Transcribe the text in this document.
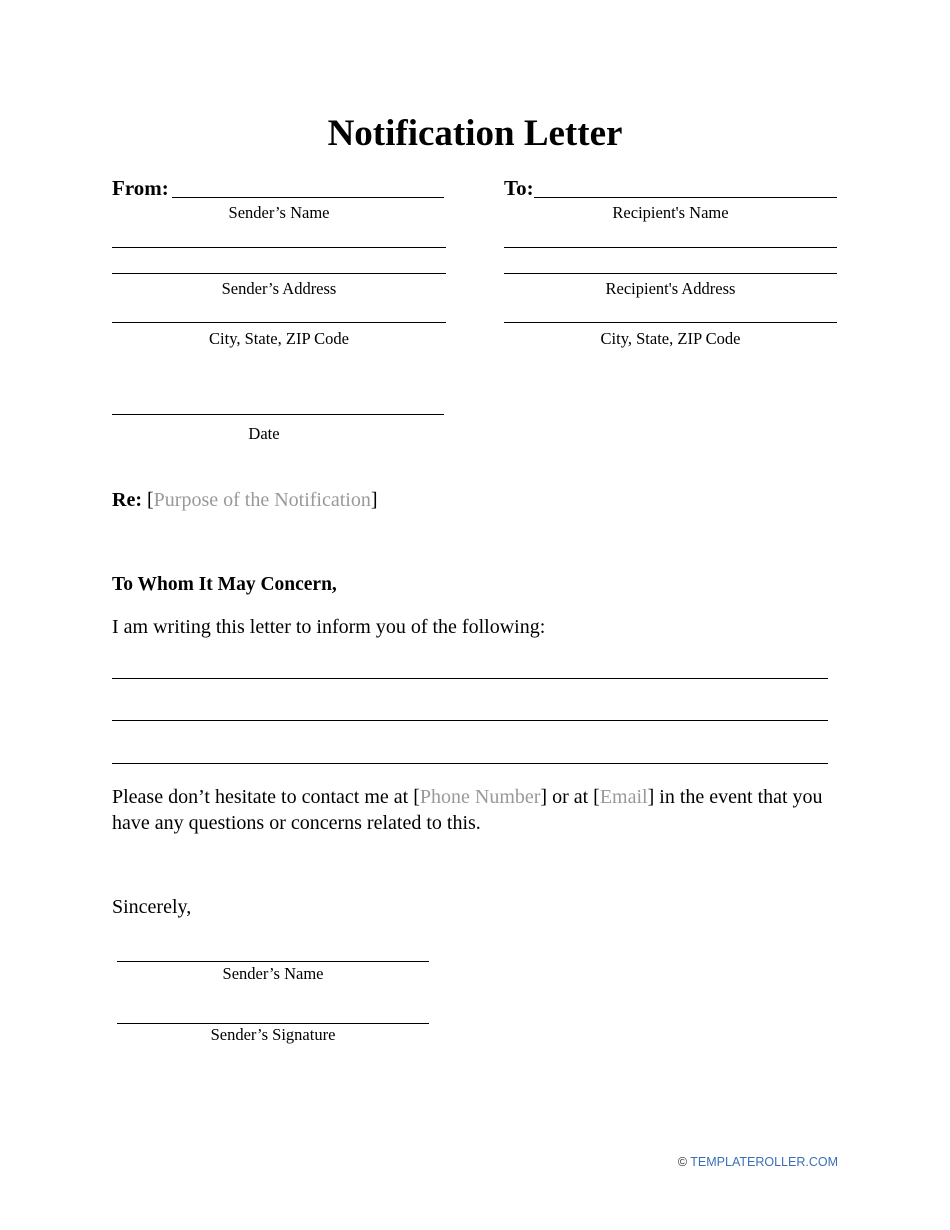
Notification Letter
From:
Sender’s Name
Sender’s Address
City, State, ZIP Code
To:
Recipient's Name
Recipient's Address
City, State, ZIP Code
Date
Re: [Purpose of the Notification]
To Whom It May Concern,
I am writing this letter to inform you of the following:
Please don’t hesitate to contact me at [Phone Number] or at [Email] in the event that you have any questions or concerns related to this.
Sincerely,
Sender’s Name
Sender’s Signature
© TEMPLATEROLLER.COM
